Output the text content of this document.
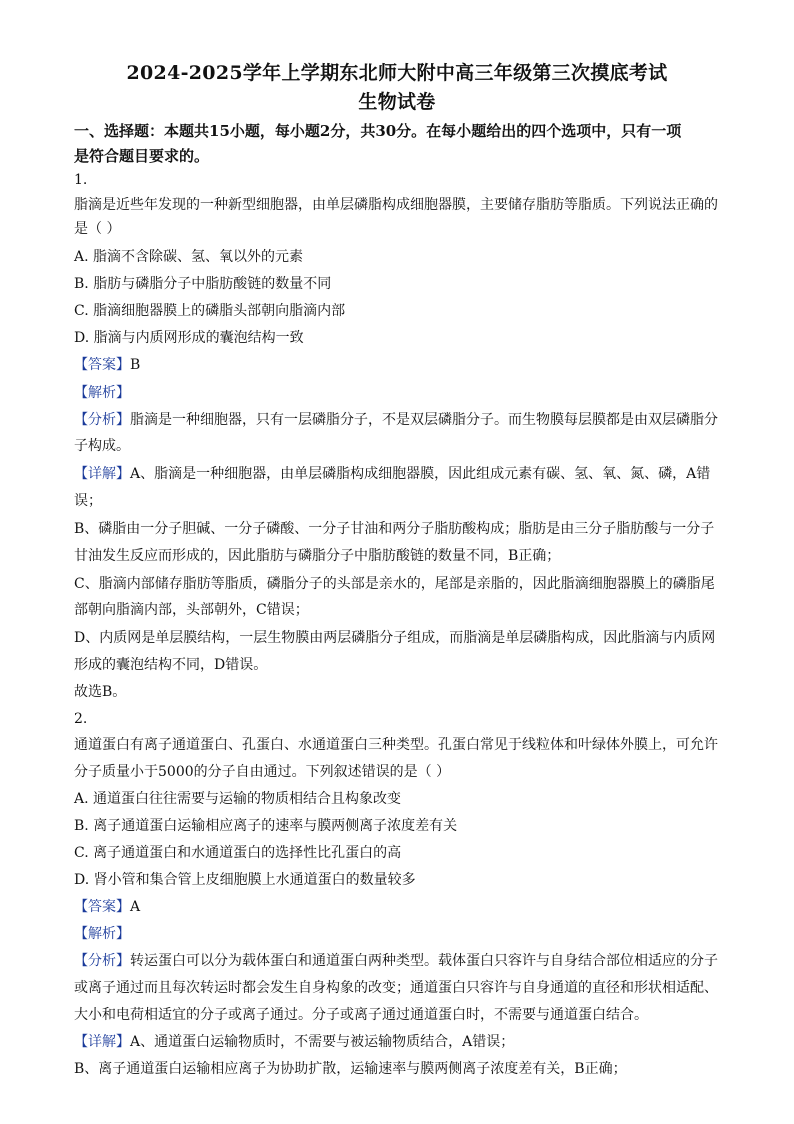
2024-2025学年上学期东北师大附中高三年级第三次摸底考试
生物试卷
一、选择题：本题共15小题，每小题2分，共30分。在每小题给出的四个选项中，只有一项
是符合题目要求的。
1.
脂滴是近些年发现的一种新型细胞器，由单层磷脂构成细胞器膜，主要储存脂肪等脂质。下列说法正确的
是（ ）
A. 脂滴不含除碳、氢、氧以外的元素
B. 脂肪与磷脂分子中脂肪酸链的数量不同
C. 脂滴细胞器膜上的磷脂头部朝向脂滴内部
D. 脂滴与内质网形成的囊泡结构一致
【答案】B
【解析】
【分析】脂滴是一种细胞器，只有一层磷脂分子，不是双层磷脂分子。而生物膜每层膜都是由双层磷脂分
子构成。
【详解】A、脂滴是一种细胞器，由单层磷脂构成细胞器膜，因此组成元素有碳、氢、氧、氮、磷，A错
误；
B、磷脂由一分子胆碱、一分子磷酸、一分子甘油和两分子脂肪酸构成；脂肪是由三分子脂肪酸与一分子
甘油发生反应而形成的，因此脂肪与磷脂分子中脂肪酸链的数量不同，B正确；
C、脂滴内部储存脂肪等脂质，磷脂分子的头部是亲水的，尾部是亲脂的，因此脂滴细胞器膜上的磷脂尾
部朝向脂滴内部，头部朝外，C错误；
D、内质网是单层膜结构，一层生物膜由两层磷脂分子组成，而脂滴是单层磷脂构成，因此脂滴与内质网
形成的囊泡结构不同，D错误。
故选B。
2.
通道蛋白有离子通道蛋白、孔蛋白、水通道蛋白三种类型。孔蛋白常见于线粒体和叶绿体外膜上，可允许
分子质量小于5000的分子自由通过。下列叙述错误的是（ ）
A. 通道蛋白往往需要与运输的物质相结合且构象改变
B. 离子通道蛋白运输相应离子的速率与膜两侧离子浓度差有关
C. 离子通道蛋白和水通道蛋白的选择性比孔蛋白的高
D. 肾小管和集合管上皮细胞膜上水通道蛋白的数量较多
【答案】A
【解析】
【分析】转运蛋白可以分为载体蛋白和通道蛋白两种类型。载体蛋白只容许与自身结合部位相适应的分子
或离子通过而且每次转运时都会发生自身构象的改变；通道蛋白只容许与自身通道的直径和形状相适配、
大小和电荷相适宜的分子或离子通过。分子或离子通过通道蛋白时，不需要与通道蛋白结合。
【详解】A、通道蛋白运输物质时，不需要与被运输物质结合，A错误；
B、离子通道蛋白运输相应离子为协助扩散，运输速率与膜两侧离子浓度差有关，B正确；
